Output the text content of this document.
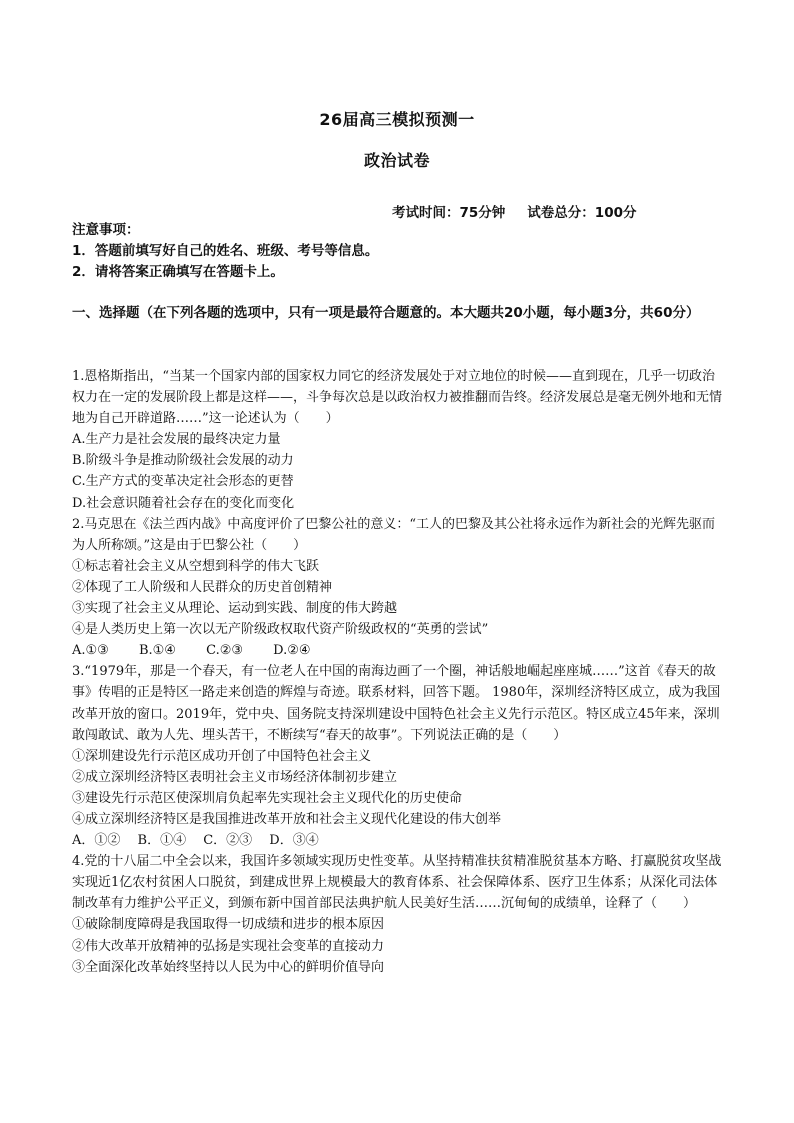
26届高三模拟预测一
政治试卷
考试时间：75分钟 试卷总分：100分
注意事项：
1．答题前填写好自己的姓名、班级、考号等信息。
2．请将答案正确填写在答题卡上。
一、选择题（在下列各题的选项中，只有一项是最符合题意的。本大题共20小题，每小题3分，共60分）

1.恩格斯指出，“当某一个国家内部的国家权力同它的经济发展处于对立地位的时候——直到现在，几乎一切政治权力在一定的发展阶段上都是这样——，斗争每次总是以政治权力被推翻而告终。经济发展总是毫无例外地和无情地为自己开辟道路……”这一论述认为（　　）

A.生产力是社会发展的最终决定力量

B.阶级斗争是推动阶级社会发展的动力

C.生产方式的变革决定社会形态的更替

D.社会意识随着社会存在的变化而变化

2.马克思在《法兰西内战》中高度评价了巴黎公社的意义：“工人的巴黎及其公社将永远作为新社会的光辉先驱而为人所称颂。”这是由于巴黎公社（　　）

①标志着社会主义从空想到科学的伟大飞跃

②体现了工人阶级和人民群众的历史首创精神

③实现了社会主义从理论、运动到实践、制度的伟大跨越

④是人类历史上第一次以无产阶级政权取代资产阶级政权的“英勇的尝试”

A.①③　　 B.①④　　 C.②③　　 D.②④

3.“1979年，那是一个春天，有一位老人在中国的南海边画了一个圈，神话般地崛起座座城……”这首《春天的故事》传唱的正是特区一路走来创造的辉煌与奇迹。联系材料，回答下题。 1980年，深圳经济特区成立，成为我国改革开放的窗口。2019年，党中央、国务院支持深圳建设中国特色社会主义先行示范区。特区成立45年来，深圳敢闯敢试、敢为人先、埋头苦干，不断续写“春天的故事”。下列说法正确的是（　　）

①深圳建设先行示范区成功开创了中国特色社会主义

②成立深圳经济特区表明社会主义市场经济体制初步建立

③建设先行示范区使深圳肩负起率先实现社会主义现代化的历史使命

④成立深圳经济特区是我国推进改革开放和社会主义现代化建设的伟大创举

A．①②　 B．①④　 C．②③　 D．③④

4.党的十八届二中全会以来，我国许多领域实现历史性变革。从坚持精准扶贫精准脱贫基本方略、打赢脱贫攻坚战实现近1亿农村贫困人口脱贫，到建成世界上规模最大的教育体系、社会保障体系、医疗卫生体系；从深化司法体制改革有力维护公平正义，到颁布新中国首部民法典护航人民美好生活……沉甸甸的成绩单，诠释了（　　）

①破除制度障碍是我国取得一切成绩和进步的根本原因

②伟大改革开放精神的弘扬是实现社会变革的直接动力

③全面深化改革始终坚持以人民为中心的鲜明价值导向
